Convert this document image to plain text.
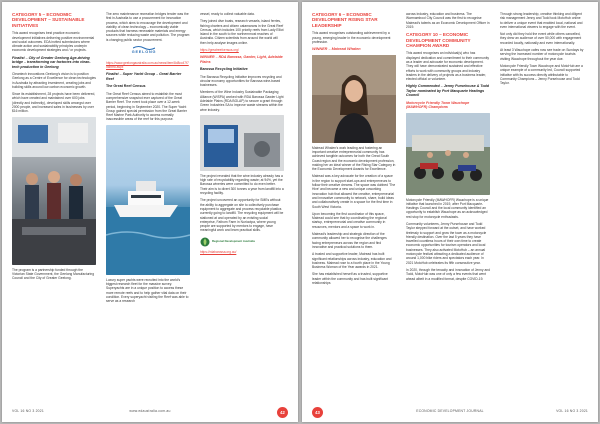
CATEGORY 5 – ECONOMIC DEVELOPMENT – SUSTAINABLE INITIATIVES

This award recognises best practice economic development initiatives delivering positive environmental and social outcomes. EDA invited submissions where climate action and sustainability principles underpin economic development strategies and / or projects.

Finalist – City of Greater Geelong Age-driving bridge – transforming car factories into clean-tech production in Geelong

Cleantech innovations Geelong's vision is to position Geelong as a Centre of Excellence for clean technologies in Australia by attracting investment, creating jobs and building skills around low carbon economic growth.

Since its establishment, 28 projects have been delivered, which have created and maintained over 600 jobs (directly and indirectly), developed skills amongst over 2000 people, and increased sales in businesses by over $16 million.

The program is a partnership funded through the Victorian State Government, the Geelong Manufacturing Council and the City of Greater Geelong.

The zero maintenance recreation bridges tender was the first in Australia to use a procurement for innovation process, which aims to encourage the development and viability of clean technology – economically viable products that harness renewable materials and energy sources while reducing waste and pollution. The program is changing public sector procurement.

GEELONG

https://www.geelongaustralia.com.au/news/item/8d8cc47f7d6bbf8.aspx

Finalist – Super Yacht Group – Great Barrier Reef

The Great Reef Census

The Great Reef Census aimed to establish the most comprehensive snapshot ever captured of the Great Barrier Reef. The event took place over a 12-week period, beginning in September 2020. The Super Yacht Group gained special permission from the Great Barrier Reef Marine Park Authority to access normally inaccessible areas of the reef for this purpose.

Luxury super yachts were recruited into the world's biggest research fleet for the massive survey. Superyachts are in a unique position to access these more remote reefs and to help gather vital data on their condition. Every superyacht visiting the Reef was able to serve as a research

vessel, ready to collect valuable data.

They joined dive boats, research vessels, island ferries, fishing charters and citizen catamarans in the Great Reef Census, which includes 100 priority reefs from Lady Elliot Island in the south to the northernmost reaches of Australia. Citizen scientists from around the world will then help analyse images online.

https://greatreefcensus.org/

WINNER – RDA Barossa, Gawler, Light, Adelaide Plains

Barossa Recycling Initiative

The Barossa Recycling Initiative improves recycling and circular economy opportunities for Barossa wine-based businesses.

Members of the Wine Industry Sustainable Packaging Alliance (WISPA) worked with RDA Barossa Gawler Light Adelaide Plains (RDA BGLAP) to secure a grant through Green Industries SA to improve waste streams within the wine industry.

The project revealed that the wine industry already has a high rate of recyclability regarding waste; at 94%, yet the Barossa wineries were committed to do even better. Their aim is to divert 300 tonnes a year from landfill into a recycling facility.

The project uncovered an opportunity for SMEs without the ability to aggregate on site to collectively purchase equipment to aggregate and process recyclable plastics currently going to landfill. The recycling equipment will be stationed at and operated by an existing social enterprise, Fathom Farm in Nuriootpa, where young people are supported by mentors to engage, have meaningful work and learn practical skills.

Regional Development Australia

https://rdabarossa.org.au/

VOL 16 NO 3 2021	www.edaustralia.com.au	42

CATEGORY 6 – ECONOMIC DEVELOPMENT RISING STAR LEADERSHIP

This award recognises outstanding achievement by a young, emerging leader in the economic development profession.

WINNER – Mairead Whalen

Mairead Whalen's work leading and fostering an important creative entrepreneurial community has achieved tangible outcomes for both the Great South Coast region and the economic development profession, making her an ideal winner of the Rising Star Category in the Economic Development Awards for Excellence.

Mairead was a key advocate for the creation of a space in the region to support start-ups and entrepreneurs to follow their creative dreams. The space was dubbed 'The Hive' and became a new and unique coworking innovation hub that allowed the creative, entrepreneurial and innovative community to network, share, build ideas and collaboratively create in a space for the first time in South West Victoria.

Upon becoming the first coordinator of this space, Mairead could see that by coordinating the regional startup, entrepreneurial and creative community in resources, mentors and a space to work in.

Mairead's leadership and strategic direction of the community allowed her to recognise the challenges facing entrepreneurs across the region and find innovative and practical solutions to them.

A trusted and supportive leader, Mairead has built significant relationships across industry, education and business. Mairead rose to a fourth place in the Young Business Woman of the Year awards in 2021.

She has established herself as a trusted, supportive leader within the community and has built significant relationships

across industry, education and business. The Warrnambool City Council was the first to recognise Mairead's talents as an Economic Development Officer in 2019.

CATEGORY 10 – ECONOMIC DEVELOPMENT COMMUNITY CHAMPION AWARD

This award recognises an individual(s) who has displayed dedication and commitment to their community as a leader and advocate for economic development. They will have demonstrated sustained and effective efforts to work with community groups and industry leaders in the delivery of projects as a business leader, elected official or volunteer.

Highly Commended – Jenny Pursehouse & Todd Taylor nominated by Port Macquarie Hastings Council

Motorcycle Friendly Town Wauchope (MAWHOFR) Champions

Motorcycle Friendly (MAWHOFR) Wauchope is a unique initiative that launched in 2019, after Port Macquarie-Hastings Council and the local community identified an opportunity to establish Wauchope as an acknowledged rest stop for motorcycle enthusiasts.

Community volunteers, Jenny Pursehouse and Todd Taylor stepped forward at the outset, and have worked tirelessly to support and grow the town as a motorcycle friendly destination. Over the last 5 years they have travelled countless hours of their own time to create economic opportunities for tourism operators and local businesses. They also activated MotoHub – an annual motorcycle festival attracting a dedicated audience of around 1,000 bike riders and spectators each year. In 2021 MotoHub celebrates its fifth consecutive year.

In 2020, through the tenacity and innovation of Jenny and Todd, MotoHub was one of only a few events that went ahead albeit in a modified format, despite COVID-19.

Through strong leadership, creative thinking and diligent risk management Jenny and Todd took MotoHub online to deliver a unique event that enabled local, national and even international viewers to engage with the event.

Not only did they hold the event while others cancelled, they drew an audience of over 50,000 with engagement recorded locally, nationally and even internationally.

At least 3 Wauchope cafes now see trade on Sundays by serving the increased number of motorcycle tourists visiting Wauchope throughout the year due.

Motorcycle Friendly Town Wauchope and MotoHub are a unique example of a community led, Council supported initiative with its success directly attributable to Community Champions – Jenny Pursehouse and Todd Taylor.

ECONOMIC DEVELOPMENT JOURNAL	VOL 16 NO 3 2021
43
